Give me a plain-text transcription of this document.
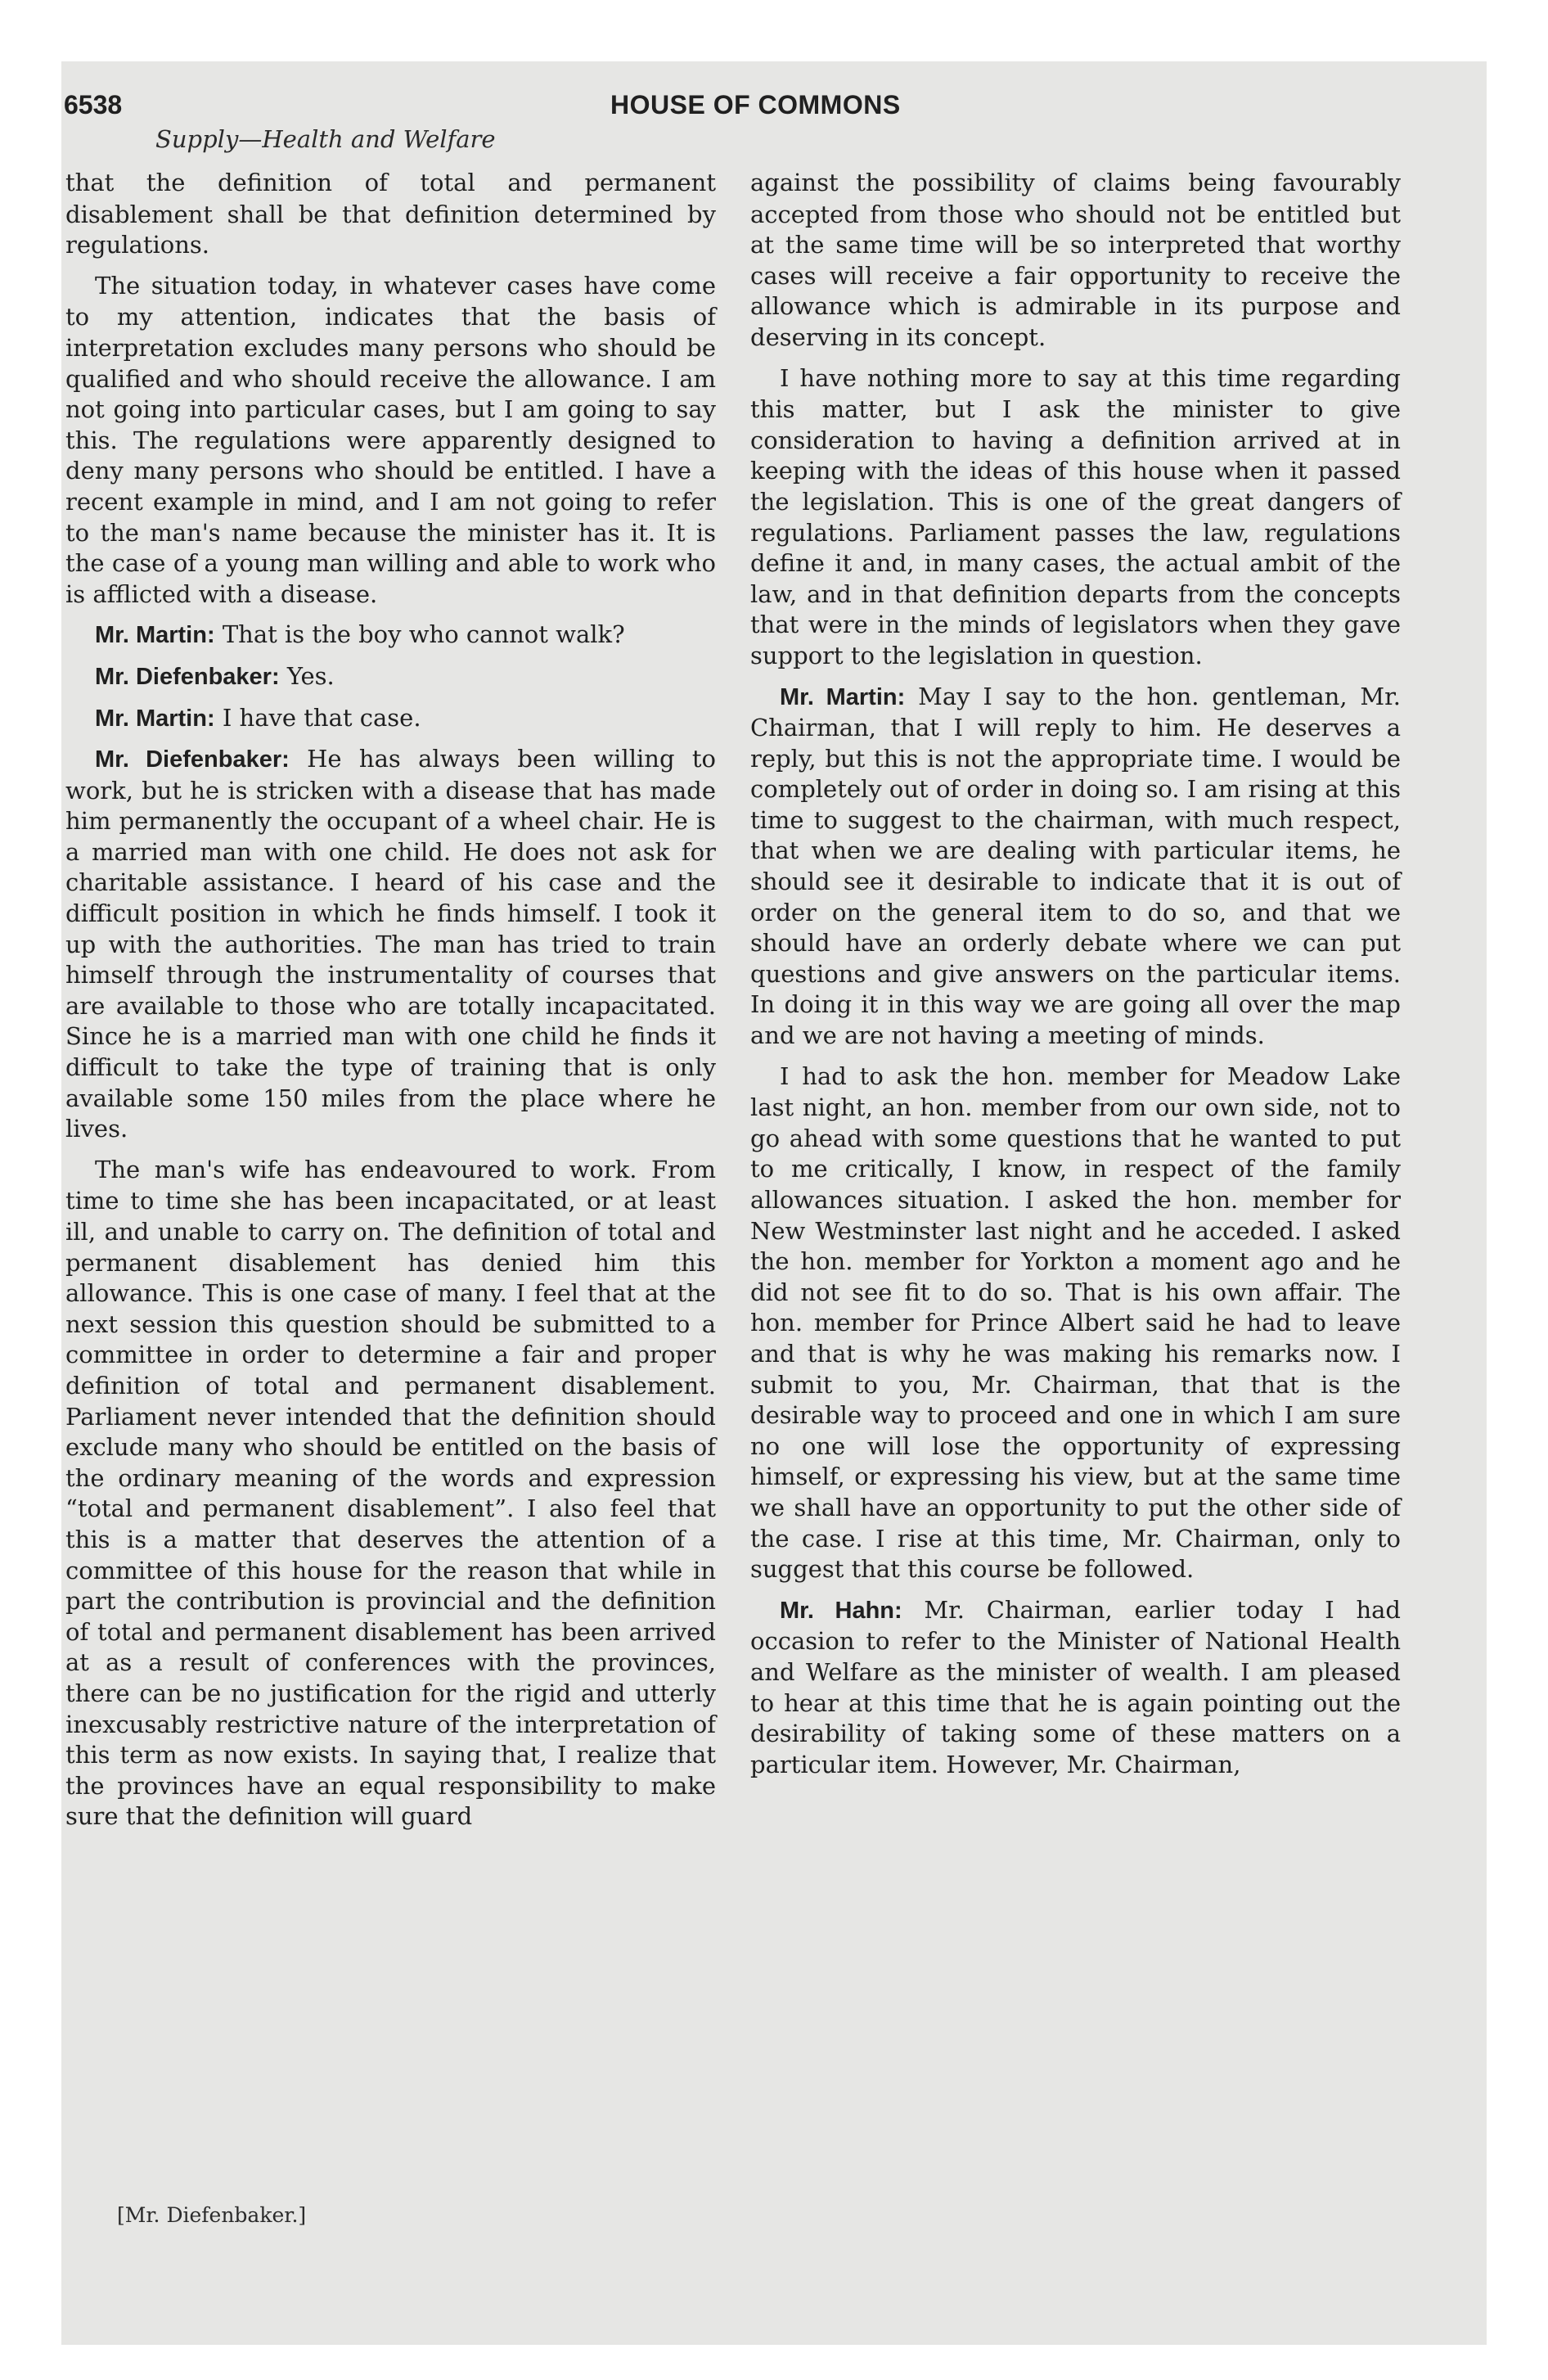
6538	HOUSE OF COMMONS
Supply—Health and Welfare

that the definition of total and permanent disablement shall be that definition determined by regulations.

The situation today, in whatever cases have come to my attention, indicates that the basis of interpretation excludes many persons who should be qualified and who should receive the allowance. I am not going into particular cases, but I am going to say this. The regulations were apparently designed to deny many persons who should be entitled. I have a recent example in mind, and I am not going to refer to the man's name because the minister has it. It is the case of a young man willing and able to work who is afflicted with a disease.

Mr. Martin: That is the boy who cannot walk?

Mr. Diefenbaker: Yes.

Mr. Martin: I have that case.

Mr. Diefenbaker: He has always been willing to work, but he is stricken with a disease that has made him permanently the occupant of a wheel chair. He is a married man with one child. He does not ask for charitable assistance. I heard of his case and the difficult position in which he finds himself. I took it up with the authorities. The man has tried to train himself through the instrumentality of courses that are available to those who are totally incapacitated. Since he is a married man with one child he finds it difficult to take the type of training that is only available some 150 miles from the place where he lives.

The man's wife has endeavoured to work. From time to time she has been incapacitated, or at least ill, and unable to carry on. The definition of total and permanent disablement has denied him this allowance. This is one case of many. I feel that at the next session this question should be submitted to a committee in order to determine a fair and proper definition of total and permanent disablement. Parliament never intended that the definition should exclude many who should be entitled on the basis of the ordinary meaning of the words and expression “total and permanent disablement”. I also feel that this is a matter that deserves the attention of a committee of this house for the reason that while in part the contribution is provincial and the definition of total and permanent disablement has been arrived at as a result of conferences with the provinces, there can be no justification for the rigid and utterly inexcusably restrictive nature of the interpretation of this term as now exists. In saying that, I realize that the provinces have an equal responsibility to make sure that the definition will guard

against the possibility of claims being favourably accepted from those who should not be entitled but at the same time will be so interpreted that worthy cases will receive a fair opportunity to receive the allowance which is admirable in its purpose and deserving in its concept.

I have nothing more to say at this time regarding this matter, but I ask the minister to give consideration to having a definition arrived at in keeping with the ideas of this house when it passed the legislation. This is one of the great dangers of regulations. Parliament passes the law, regulations define it and, in many cases, the actual ambit of the law, and in that definition departs from the concepts that were in the minds of legislators when they gave support to the legislation in question.

Mr. Martin: May I say to the hon. gentleman, Mr. Chairman, that I will reply to him. He deserves a reply, but this is not the appropriate time. I would be completely out of order in doing so. I am rising at this time to suggest to the chairman, with much respect, that when we are dealing with particular items, he should see it desirable to indicate that it is out of order on the general item to do so, and that we should have an orderly debate where we can put questions and give answers on the particular items. In doing it in this way we are going all over the map and we are not having a meeting of minds.

I had to ask the hon. member for Meadow Lake last night, an hon. member from our own side, not to go ahead with some questions that he wanted to put to me critically, I know, in respect of the family allowances situation. I asked the hon. member for New Westminster last night and he acceded. I asked the hon. member for Yorkton a moment ago and he did not see fit to do so. That is his own affair. The hon. member for Prince Albert said he had to leave and that is why he was making his remarks now. I submit to you, Mr. Chairman, that that is the desirable way to proceed and one in which I am sure no one will lose the opportunity of expressing himself, or expressing his view, but at the same time we shall have an opportunity to put the other side of the case. I rise at this time, Mr. Chairman, only to suggest that this course be followed.

Mr. Hahn: Mr. Chairman, earlier today I had occasion to refer to the Minister of National Health and Welfare as the minister of wealth. I am pleased to hear at this time that he is again pointing out the desirability of taking some of these matters on a particular item. However, Mr. Chairman,

[Mr. Diefenbaker.]
